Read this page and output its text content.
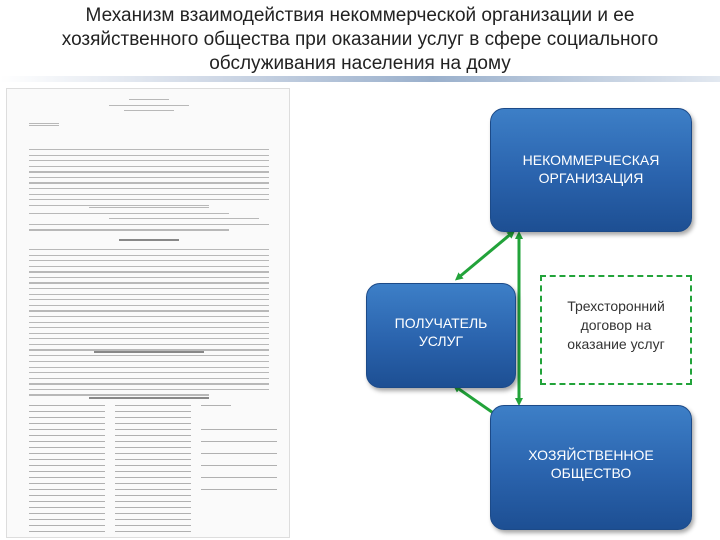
Механизм взаимодействия некоммерческой организации и ее
хозяйственного общества при оказании услуг в сфере социального
обслуживания населения на дому
НЕКОММЕРЧЕСКАЯ
ОРГАНИЗАЦИЯ
ПОЛУЧАТЕЛЬ
УСЛУГ
Трехсторонний
договор на
оказание услуг
ХОЗЯЙСТВЕННОЕ
ОБЩЕСТВО
